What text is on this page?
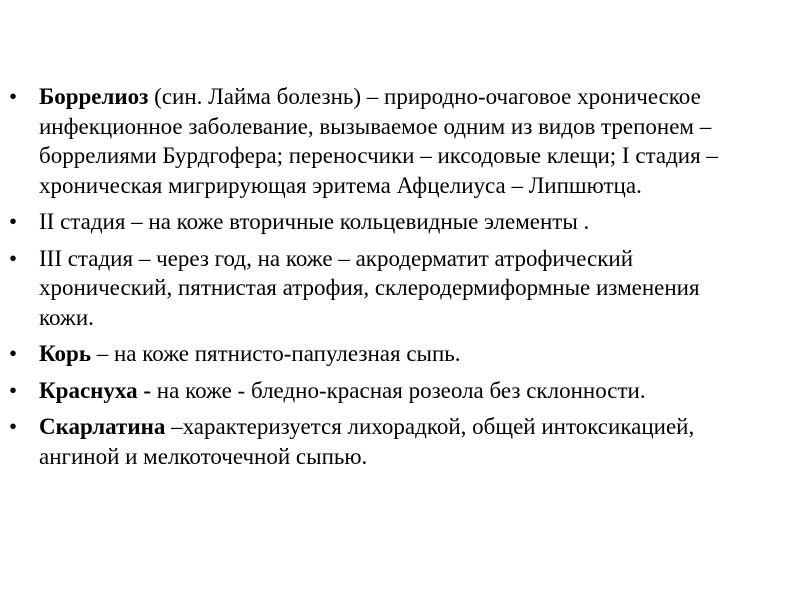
• Боррелиоз (син. Лайма болезнь) – природно-очаговое хроническое инфекционное заболевание, вызываемое одним из видов трепонем – боррелиями Бурдгофера; переносчики – иксодовые клещи; I стадия –хроническая мигрирующая эритема Афцелиуса – Липшютца.
• II стадия – на коже вторичные кольцевидные элементы .
• III стадия – через год, на коже – акродерматит атрофический хронический, пятнистая атрофия, склеродермиформные изменения кожи.
• Корь – на коже пятнисто-папулезная сыпь.
• Краснуха - на коже - бледно-красная розеола без склонности.
• Скарлатина –характеризуется лихорадкой, общей интоксикацией, ангиной и мелкоточечной сыпью.
